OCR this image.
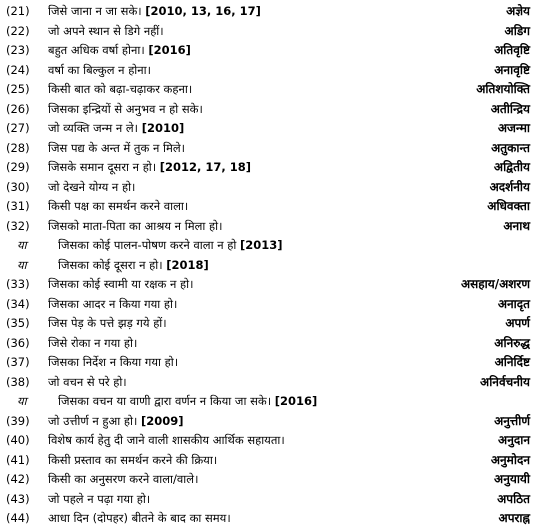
(21) जिसे जाना न जा सके। [2010, 13, 16, 17]	अज्ञेय
(22) जो अपने स्थान से डिगे नहीं।	अडिग
(23) बहुत अधिक वर्षा होना। [2016]	अतिवृष्टि
(24) वर्षा का बिल्कुल न होना।	अनावृष्टि
(25) किसी बात को बढ़ा-चढ़ाकर कहना।	अतिशयोक्ति
(26) जिसका इन्द्रियों से अनुभव न हो सके।	अतीन्द्रिय
(27) जो व्यक्ति जन्म न ले। [2010]	अजन्मा
(28) जिस पद्य के अन्त में तुक न मिले।	अतुकान्त
(29) जिसके समान दूसरा न हो। [2012, 17, 18]	अद्वितीय
(30) जो देखने योग्य न हो।	अदर्शनीय
(31) किसी पक्ष का समर्थन करने वाला।	अधिवक्ता
(32) जिसको माता-पिता का आश्रय न मिला हो।	अनाथ
या	जिसका कोई पालन-पोषण करने वाला न हो [2013]
या	जिसका कोई दूसरा न हो। [2018]
(33) जिसका कोई स्वामी या रक्षक न हो।	असहाय/अशरण
(34) जिसका आदर न किया गया हो।	अनादृत
(35) जिस पेड़ के पत्ते झड़ गये हों।	अपर्ण
(36) जिसे रोका न गया हो।	अनिरुद्ध
(37) जिसका निर्देश न किया गया हो।	अनिर्दिष्ट
(38) जो वचन से परे हो।	अनिर्वचनीय
या	जिसका वचन या वाणी द्वारा वर्णन न किया जा सके। [2016]
(39) जो उत्तीर्ण न हुआ हो। [2009]	अनुत्तीर्ण
(40) विशेष कार्य हेतु दी जाने वाली शासकीय आर्थिक सहायता।	अनुदान
(41) किसी प्रस्ताव का समर्थन करने की क्रिया।	अनुमोदन
(42) किसी का अनुसरण करने वाला/वाले।	अनुयायी
(43) जो पहले न पढ़ा गया हो।	अपठित
(44) आधा दिन (दोपहर) बीतने के बाद का समय।	अपराह्न
